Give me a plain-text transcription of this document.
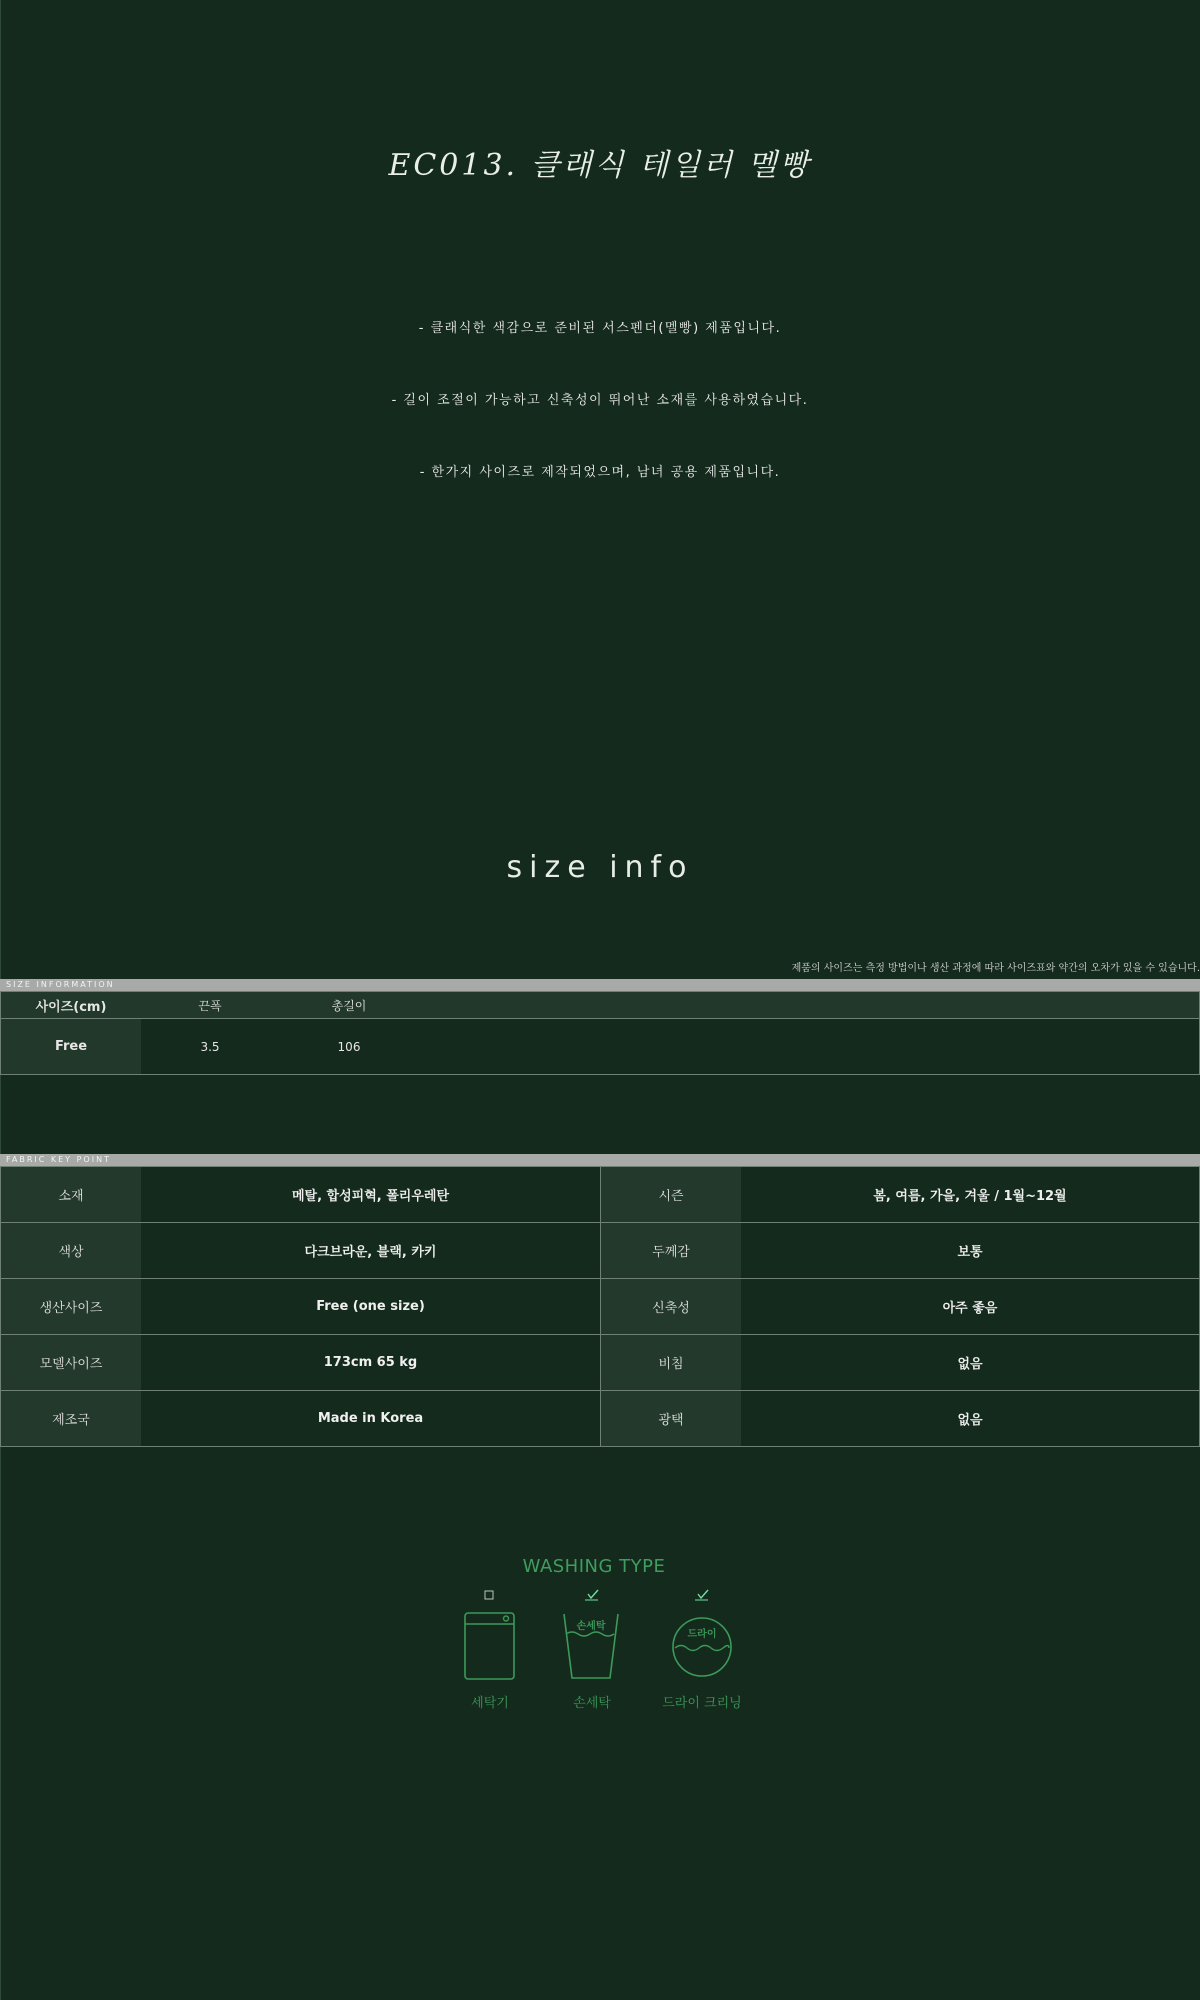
EC013. 클래식 테일러 멜빵
- 클래식한 색감으로 준비된 서스펜더(멜빵) 제품입니다.
- 길이 조절이 가능하고 신축성이 뛰어난 소재를 사용하였습니다.
- 한가지 사이즈로 제작되었으며, 남녀 공용 제품입니다.
size info
제품의 사이즈는 측정 방법이나 생산 과정에 따라 사이즈표와 약간의 오차가 있을 수 있습니다.
SIZE INFORMATION
사이즈(cm)	끈폭	총길이
Free	3.5	106
FABRIC KEY POINT
소재	메탈, 합성피혁, 폴리우레탄	시즌	봄, 여름, 가을, 겨울 / 1월~12월
색상	다크브라운, 블랙, 카키	두께감	보통
생산사이즈	Free (one size)	신축성	아주 좋음
모델사이즈	173cm 65 kg	비침	없음
제조국	Made in Korea	광택	없음
WASHING TYPE
세탁기
손세탁
손세탁
드라이
드라이 크리닝
